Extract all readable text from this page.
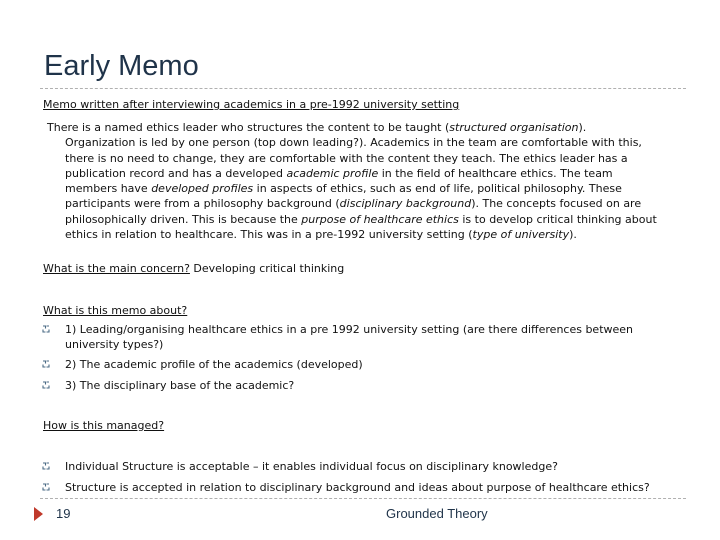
Early Memo
Memo written after interviewing academics in a pre-1992 university setting
There is a named ethics leader who structures the content to be taught (structured organisation).
Organization is led by one person (top down leading?). Academics in the team are comfortable with this,
there is no need to change, they are comfortable with the content they teach. The ethics leader has a
publication record and has a developed academic profile in the field of healthcare ethics. The team
members have developed profiles in aspects of ethics, such as end of life, political philosophy. These
participants were from a philosophy background (disciplinary background). The concepts focused on are
philosophically driven. This is because the purpose of healthcare ethics is to develop critical thinking about
ethics in relation to healthcare. This was in a pre-1992 university setting (type of university).
What is the main concern? Developing critical thinking
What is this memo about?
1) Leading/organising healthcare ethics in a pre 1992 university setting (are there differences between
university types?)
2) The academic profile of the academics (developed)
3) The disciplinary base of the academic?
How is this managed?
Individual Structure is acceptable – it enables individual focus on disciplinary knowledge?
Structure is accepted in relation to disciplinary background and ideas about purpose of healthcare ethics?
19	Grounded Theory
